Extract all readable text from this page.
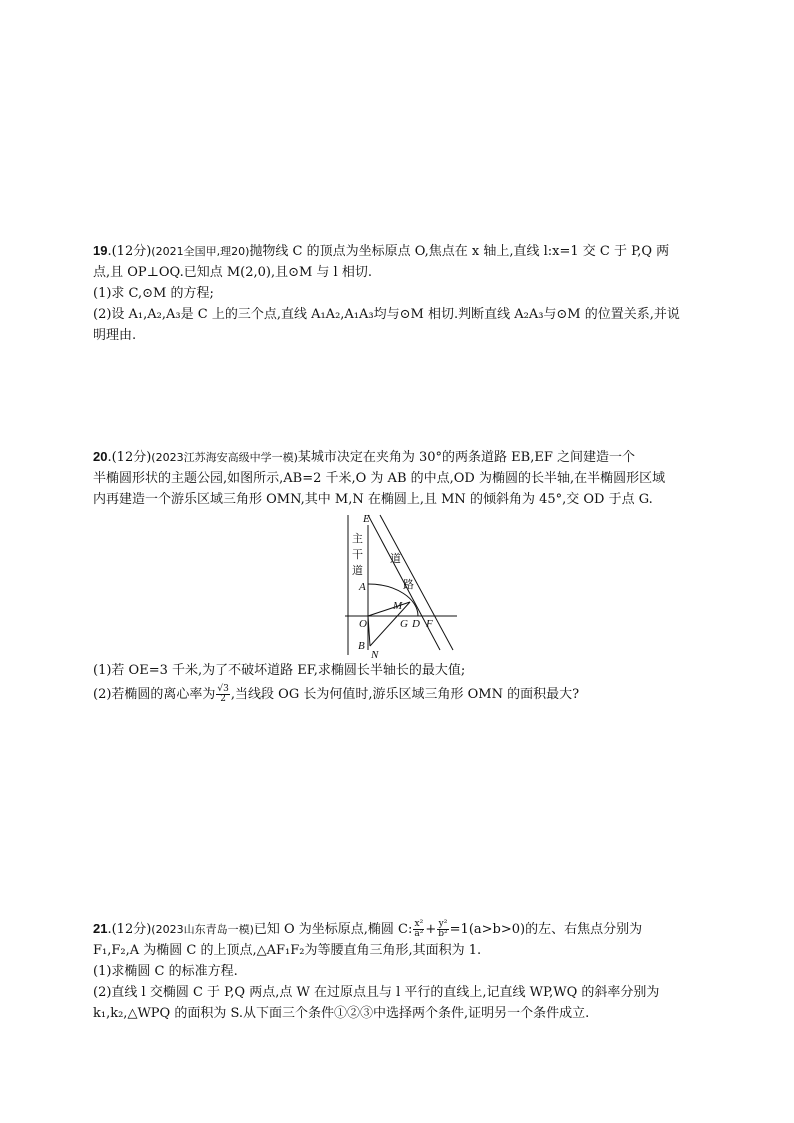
19.(12分)(2021全国甲,理20)抛物线 C 的顶点为坐标原点 O,焦点在 x 轴上,直线 l:x=1 交 C 于 P,Q 两
点,且 OP⊥OQ.已知点 M(2,0),且⊙M 与 l 相切.
(1)求 C,⊙M 的方程;
(2)设 A₁,A₂,A₃是 C 上的三个点,直线 A₁A₂,A₁A₃均与⊙M 相切.判断直线 A₂A₃与⊙M 的位置关系,并说
明理由.
20.(12分)(2023江苏海安高级中学一模)某城市决定在夹角为 30°的两条道路 EB,EF 之间建造一个
半椭圆形状的主题公园,如图所示,AB=2 千米,O 为 AB 的中点,OD 为椭圆的长半轴,在半椭圆形区域
内再建造一个游乐区域三角形 OMN,其中 M,N 在椭圆上,且 MN 的倾斜角为 45°,交 OD 于点 G.
主
干
道
道
路
E
A
M
O	G D F
B
N
(1)若 OE=3 千米,为了不破坏道路 EF,求椭圆长半轴长的最大值;
(2)若椭圆的离心率为 $\frac{√3}{2}$ ,当线段 OG 长为何值时,游乐区域三角形 OMN 的面积最大?
21.(12分)(2023山东青岛一模)已知 O 为坐标原点,椭圆 C: $\frac{\text{x²}}{\text{a²}} + \frac{\text{y²}}{\text{b²}} =1(a>b>0)$的左、右焦点分别为
F₁,F₂,A 为椭圆 C 的上顶点,△AF₁F₂为等腰直角三角形,其面积为 1.
(1)求椭圆 C 的标准方程.
(2)直线 l 交椭圆 C 于 P,Q 两点,点 W 在过原点且与 l 平行的直线上,记直线 WP,WQ 的斜率分别为
k₁,k₂,△WPQ 的面积为 S.从下面三个条件①②③中选择两个条件,证明另一个条件成立.
